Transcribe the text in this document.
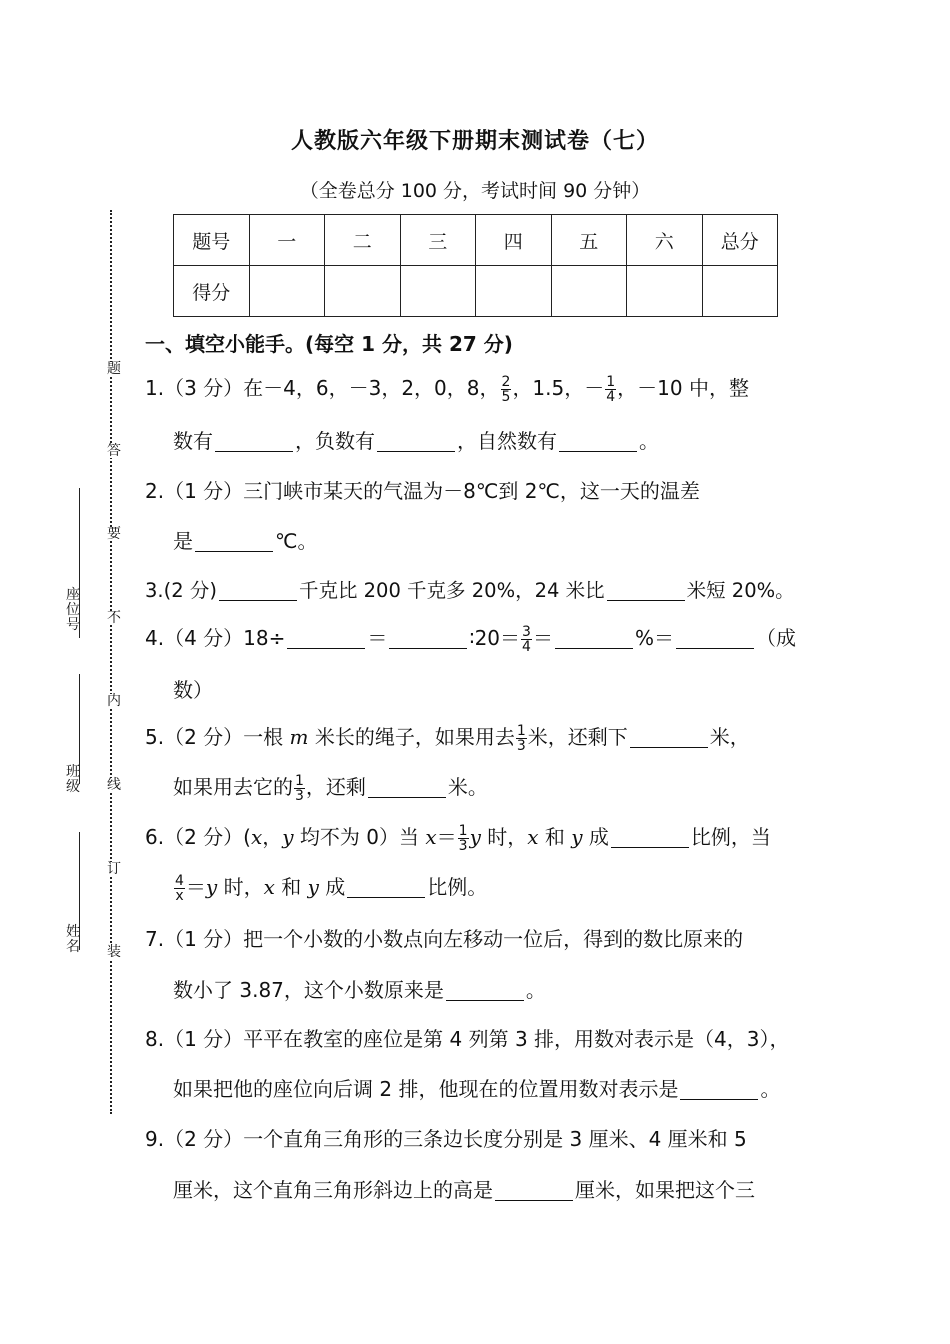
人教版六年级下册期末测试卷（七）
（全卷总分 100 分，考试时间 90 分钟）
题号	一	二	三	四	五	六	总分
得分							
题
答
要
不
内
线
订
装
座位号
班级
姓名
一、填空小能手。(每空 1 分，共 27 分)
1.（3 分）在－4，6，－3，2，0，8， $\frac{2}{5}$ ，1.5，－ $\frac{1}{4}$ ，－10 中，整
数有	，负数有	，自然数有	。
2.（1 分）三门峡市某天的气温为－8℃到 2℃，这一天的温差
是	℃。
3.(2 分)	千克比 200 千克多 20%，24 米比	米短 20%。
4.（4 分）18÷	＝	∶20＝ $\frac{3}{4}$ ＝	%＝	（成
数）
5.（2 分）一根 m 米长的绳子，如果用去 $\frac{1}{3}$ 米，还剩下	米，
如果用去它的 $\frac{1}{3}$ ，还剩	米。
6.（2 分）(x，y 均不为 0）当 $x= \frac{1}{3}$ y 时，x 和 y 成	比例，当
$\frac{4}{x} =y$ 时，x 和 y 成	比例。
7.（1 分）把一个小数的小数点向左移动一位后，得到的数比原来的
数小了 3.87，这个小数原来是	。
8.（1 分）平平在教室的座位是第 4 列第 3 排，用数对表示是（4，3），
如果把他的座位向后调 2 排，他现在的位置用数对表示是	。
9.（2 分）一个直角三角形的三条边长度分别是 3 厘米、4 厘米和 5
厘米，这个直角三角形斜边上的高是	厘米，如果把这个三
